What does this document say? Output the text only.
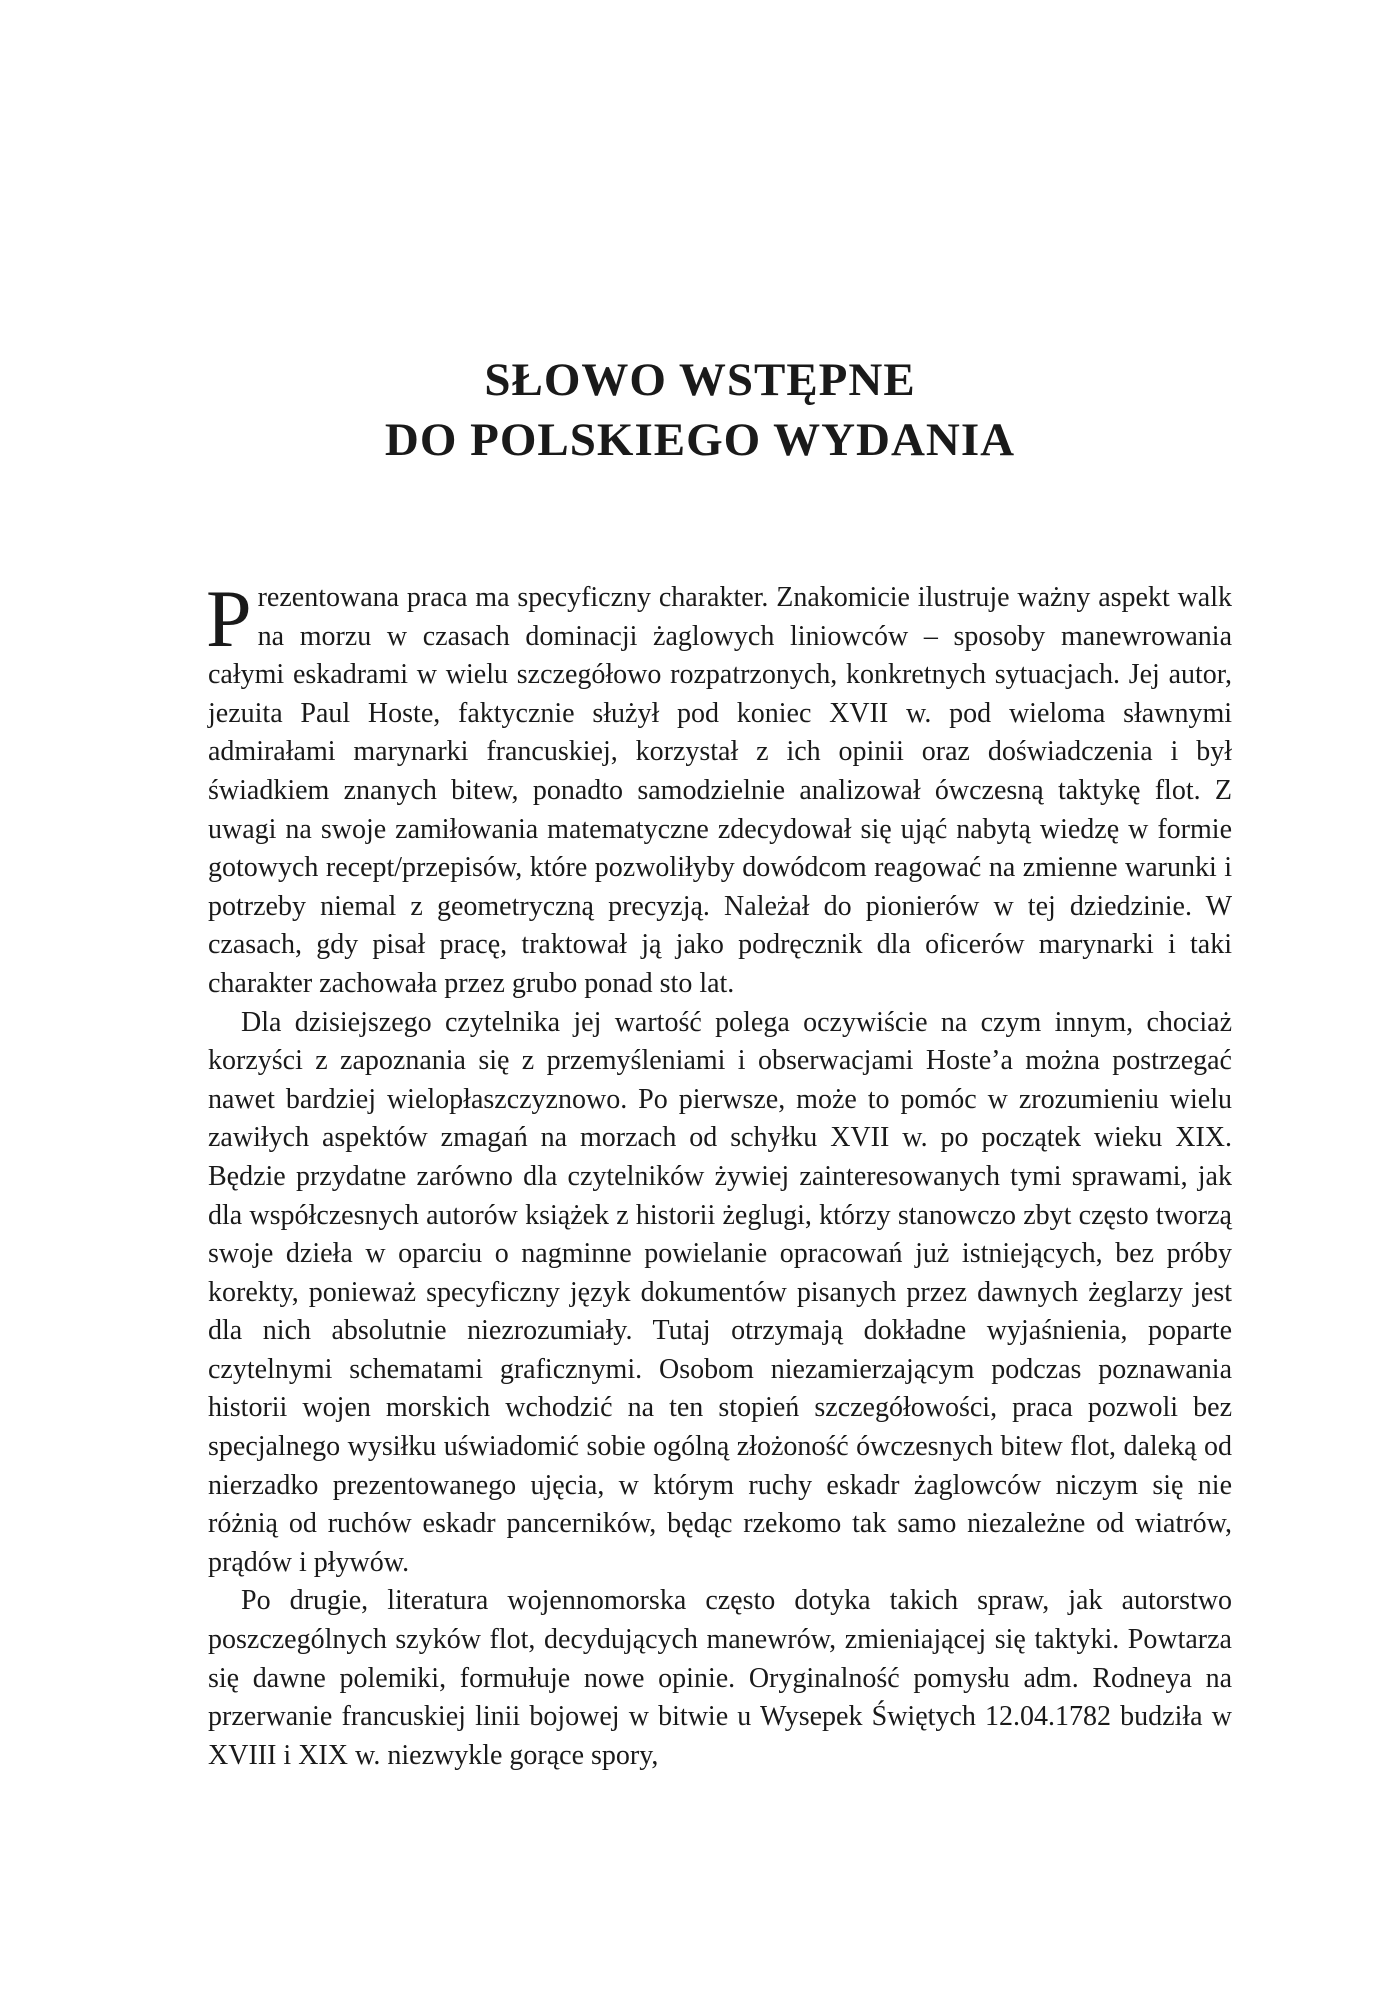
SŁOWO WSTĘPNE
DO POLSKIEGO WYDANIA

Prezentowana praca ma specyficzny charakter. Znakomicie ilustruje ważny aspekt walk na morzu w czasach dominacji żaglowych liniowców – sposoby manewrowania całymi eskadrami w wielu szczegółowo rozpatrzonych, konkretnych sytuacjach. Jej autor, jezuita Paul Hoste, faktycznie służył pod koniec XVII w. pod wieloma sławnymi admirałami marynarki francuskiej, korzystał z ich opinii oraz doświadczenia i był świadkiem znanych bitew, ponadto samodzielnie analizował ówczesną taktykę flot. Z uwagi na swoje zamiłowania matematyczne zdecydował się ująć nabytą wiedzę w formie gotowych recept/przepisów, które pozwoliłyby dowódcom reagować na zmienne warunki i potrzeby niemal z geometryczną precyzją. Należał do pionierów w tej dziedzinie. W czasach, gdy pisał pracę, traktował ją jako podręcznik dla oficerów marynarki i taki charakter zachowała przez grubo ponad sto lat.

Dla dzisiejszego czytelnika jej wartość polega oczywiście na czym innym, chociaż korzyści z zapoznania się z przemyśleniami i obserwacjami Hoste’a można postrzegać nawet bardziej wielopłaszczyznowo. Po pierwsze, może to pomóc w zrozumieniu wielu zawiłych aspektów zmagań na morzach od schyłku XVII w. po początek wieku XIX. Będzie przydatne zarówno dla czytelników żywiej zainteresowanych tymi sprawami, jak dla współczesnych autorów książek z historii żeglugi, którzy stanowczo zbyt często tworzą swoje dzieła w oparciu o nagminne powielanie opracowań już istniejących, bez próby korekty, ponieważ specyficzny język dokumentów pisanych przez dawnych żeglarzy jest dla nich absolutnie niezrozumiały. Tutaj otrzymają dokładne wyjaśnienia, poparte czytelnymi schematami graficznymi. Osobom niezamierzającym podczas poznawania historii wojen morskich wchodzić na ten stopień szczegółowości, praca pozwoli bez specjalnego wysiłku uświadomić sobie ogólną złożoność ówczesnych bitew flot, daleką od nierzadko prezentowanego ujęcia, w którym ruchy eskadr żaglowców niczym się nie różnią od ruchów eskadr pancerników, będąc rzekomo tak samo niezależne od wiatrów, prądów i pływów.

Po drugie, literatura wojennomorska często dotyka takich spraw, jak autorstwo poszczególnych szyków flot, decydujących manewrów, zmieniającej się taktyki. Powtarza się dawne polemiki, formułuje nowe opinie. Oryginalność pomysłu adm. Rodneya na przerwanie francuskiej linii bojowej w bitwie u Wysepek Świętych 12.04.1782 budziła w XVIII i XIX w. niezwykle gorące spory,
